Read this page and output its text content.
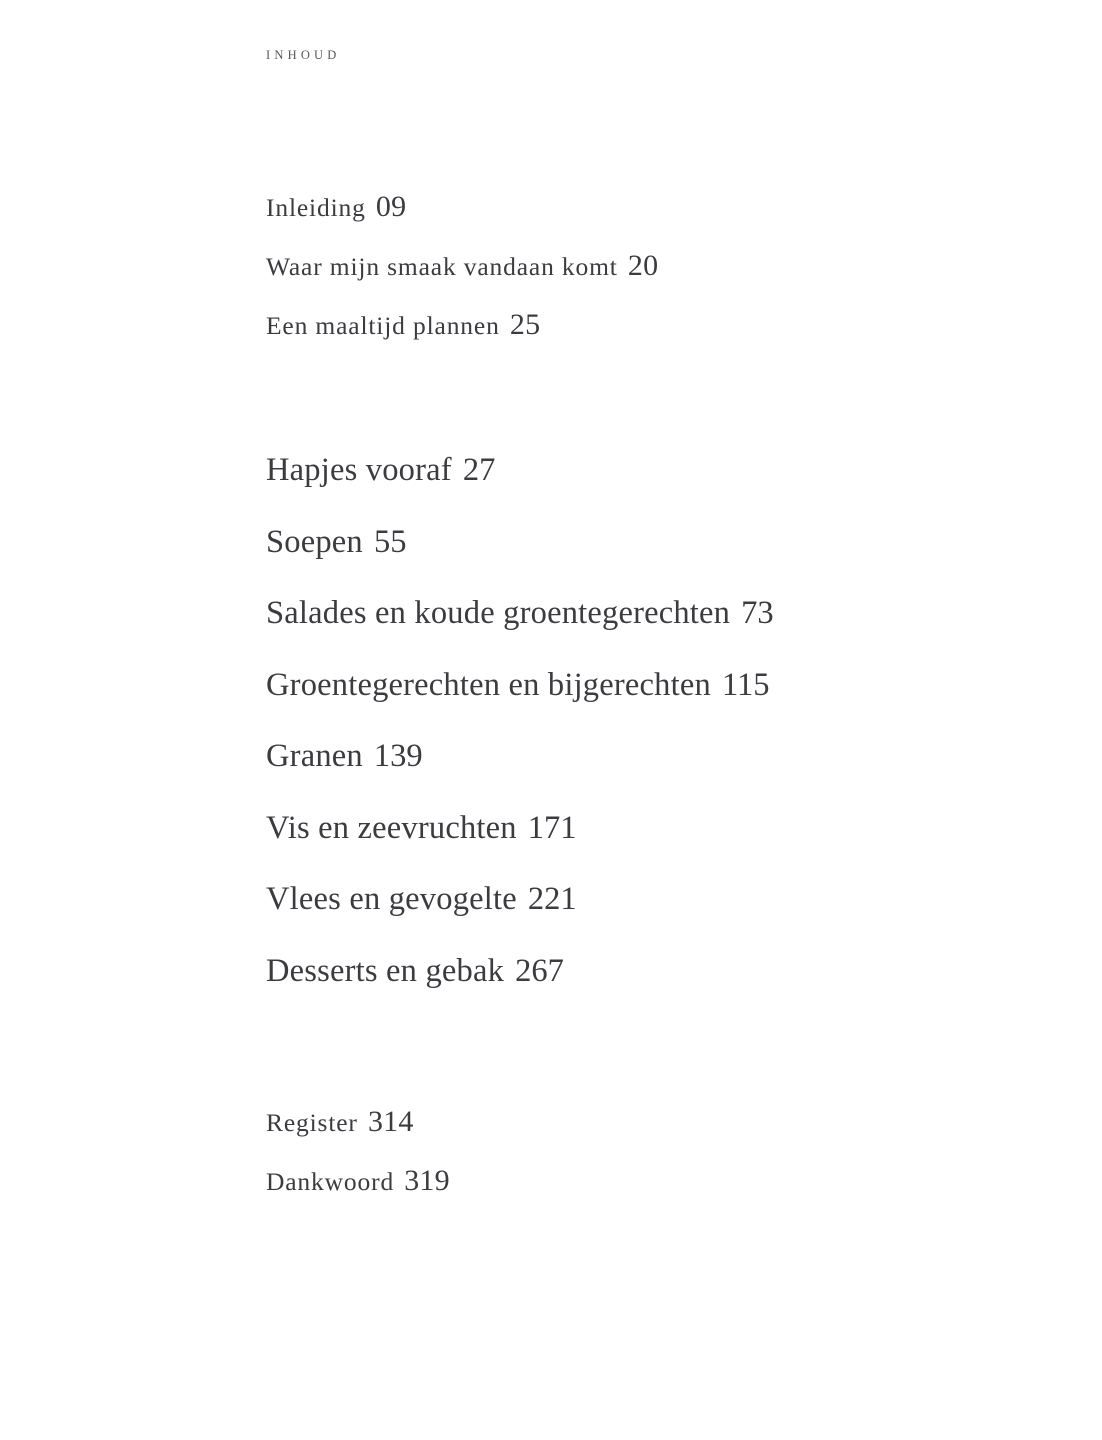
INHOUD
Inleiding 09
Waar mijn smaak vandaan komt 20
Een maaltijd plannen 25
Hapjes vooraf 27
Soepen 55
Salades en koude groentegerechten 73
Groentegerechten en bijgerechten 115
Granen 139
Vis en zeevruchten 171
Vlees en gevogelte 221
Desserts en gebak 267
Register 314
Dankwoord 319
